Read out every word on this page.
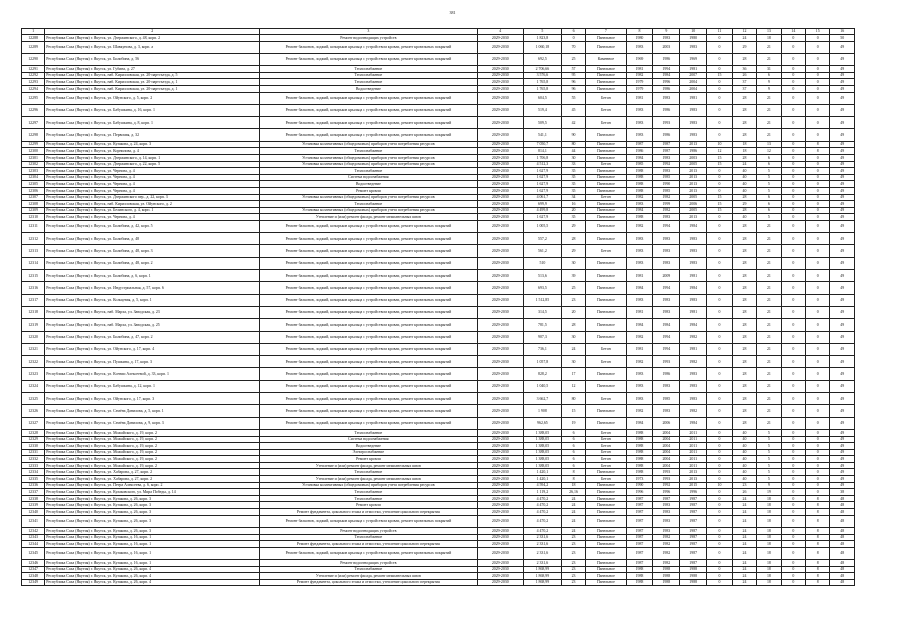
381
1	2	3	4	5	6	7	8	9	10	11	12	13	14	15	16
12288	Республика Саха (Якутия) г. Якутск, ул. Дзержинского, д. 48, корп. 2	Ремонт водоотводящих устройств	2029-2030	1 823,8	0	Панельное	1980	1983	1980	0	24	18	0	0	50
12289	Республика Саха (Якутия) г. Якутск, ул. Шавкунова, д. 3, корп. а	Ремонт балконов, лоджий, козырьков крыльца с устройством кровли, ремонт кровельных покрытий	2029-2030	1 060,18	70	Панельное	1983	2003	1983	0	29	21	0	0	49
12290	Республика Саха (Якутия) г. Якутск, ул. Билибина, д. 56	Ремонт балконов, лоджий, козырьков крыльца с устройством кровли, ремонт кровельных покрытий	2029-2030	692,5	25	Каменное	1969	1986	1969	0	28	21	0	0	49
12291	Республика Саха (Якутия) г. Якутск, ул. Губина, д. 27	Теплоснабжение	2029-2030	2 706,66	57	Панельное	1981	1994	1981	0	36	31	0	0	49
12292	Республика Саха (Якутия) г. Якутск, наб. Кирилловская, ул. 20-партсъезда, д. 5	Теплоснабжение	2029-2030	3 576,6	95	Панельное	1982	1984	2007	15	26	6	0	0	49
12293	Республика Саха (Якутия) г. Якутск, наб. Кирилловская, ул. 20-партсъезда, д. 1	Теплоснабжение	2029-2030	1 765,8	96	Панельное	1979	1996	2004	0	37	9	0	0	49
12294	Республика Саха (Якутия) г. Якутск, наб. Кирилловская, ул. 20-партсъезда, д. 1	Водоотведение	2029-2030	1 765,8	96	Панельное	1979	1986	2004	0	37	9	0	0	49
12295	Республика Саха (Якутия) г. Якутск, ул. Ойунского, д. 5, корп. 2	Ремонт балконов, лоджий, козырьков крыльца с устройством кровли, ремонт кровельных покрытий	2029-2030	604,5	55	Бетон	1981	1983	1981	0	28	21	0	0	49
12296	Республика Саха (Якутия) г. Якутск, ул. Бабушкина, д. 16, корп. 1	Ремонт балконов, лоджий, козырьков крыльца с устройством кровли, ремонт кровельных покрытий	2029-2030	519,4	45	Бетон	1983	1986	1983	0	28	21	0	0	49
12297	Республика Саха (Якутия) г. Якутск, ул. Бабушкина, д. 8, корп. 1	Ремонт балконов, лоджий, козырьков крыльца с устройством кровли, ремонт кровельных покрытий	2029-2030	509,5	42	Бетон	1983	1993	1983	0	28	21	0	0	49
12298	Республика Саха (Якутия) г. Якутск, ул. Первомая, д. 32	Ремонт балконов, лоджий, козырьков крыльца с устройством кровли, ремонт кровельных покрытий	2029-2030	541,1	90	Панельное	1983	1986	1983	0	28	21	0	0	49
12299	Республика Саха (Якутия) г. Якутск, ул. Кузакова, д. 24, корп. 3	Установка коллективных (общедомовых) приборов учета потребления ресурсов	2029-2030	7 050,7	80	Панельное	1987	1987	2013	10	18	13	0	8	49
12300	Республика Саха (Якутия) г. Якутск, ул. Корнилова, д. 4	Теплоснабжение	2029-2030	814,1	44	Панельное	1986	1987	1986	12	18	12	0	8	49
12301	Республика Саха (Якутия) г. Якутск, ул. Дзержинского, д. 14, корп. 1	Установка коллективных (общедомовых) приборов учета потребления ресурсов	2029-2030	1 706,8	30	Панельное	1984	1983	2003	15	28	6	0	0	49
12302	Республика Саха (Якутия) г. Якутск, ул. Дзержинского, д. 22, корп. 5	Установка коллективных (общедомовых) приборов учета потребления ресурсов	2029-2030	4 512,3	33	Бетон	1985	1992	2005	15	24	6	0	0	49
12303	Республика Саха (Якутия) г. Якутск, ул. Чернова, д. 4	Теплоснабжение	2029-2030	1 627,9	35	Панельное	1988	1983	2013	0	40	5	0	0	49
12304	Республика Саха (Якутия) г. Якутск, ул. Чернова, д. 4	Система водоснабжения	2029-2030	1 627,9	35	Панельное	1988	1985	2013	0	40	5	0	0	49
12305	Республика Саха (Якутия) г. Якутск, ул. Чернова, д. 4	Водоотведение	2029-2030	1 627,9	35	Панельное	1988	1990	2013	0	40	5	0	0	49
12306	Республика Саха (Якутия) г. Якутск, ул. Чернова, д. 4	Ремонт кровли	2029-2030	1 627,9	35	Панельное	1988	1985	2013	0	40	5	0	0	49
12307	Республика Саха (Якутия) г. Якутск, ул. Дзержинского пер., д. 22, корп. 3	Установка коллективных (общедомовых) приборов учета потребления ресурсов	2029-2030	4 061,7	34	Бетон	1982	1982	2005	15	28	6	0	0	49
12308	Республика Саха (Якутия) г. Якутск, наб. Кирилловская, ул. Ойунского, д. 2	Теплоснабжение	2029-2030	699,9	16	Панельное	1983	1999	2006	15	29	6	0	0	49
12309	Республика Саха (Якутия) г. Якутск, ул. Белинского, д. 4, корп. 1	Установка коллективных (общедомовых) приборов учета потребления ресурсов	2029-2030	4 499,8	20	Панельное	1984	1982	2005	15	28	6	0	0	49
12310	Республика Саха (Якутия) г. Якутск, ул. Чернова, д. 4	Утепление и (или) ремонт фасада, ремонт межпанельных швов	2029-2030	1 627,9	35	Панельное	1988	1983	2013	0	40	5	0	0	49
12311	Республика Саха (Якутия) г. Якутск, ул. Билибина, д. 42, корп. 5	Ремонт балконов, лоджий, козырьков крыльца с устройством кровли, ремонт кровельных покрытий	2029-2030	1 005,5	29	Панельное	1982	1994	1984	0	28	21	0	0	49
12312	Республика Саха (Якутия) г. Якутск, ул. Билибина, д. 48	Ремонт балконов, лоджий, козырьков крыльца с устройством кровли, ремонт кровельных покрытий	2029-2030	557,2	28	Панельное	1983	1983	1983	0	28	21	0	0	49
12313	Республика Саха (Якутия) г. Якутск, ул. Билибина, д. 48, корп. 3	Ремонт балконов, лоджий, козырьков крыльца с устройством кровли, ремонт кровельных покрытий	2029-2030	561,2	29	Бетон	1983	1983	1983	0	28	21	0	0	49
12314	Республика Саха (Якутия) г. Якутск, ул. Билибина, д. 48, корп. 2	Ремонт балконов, лоджий, козырьков крыльца с устройством кровли, ремонт кровельных покрытий	2029-2030	510	30	Панельное	1983	1983	1983	0	28	21	0	0	49
12315	Республика Саха (Якутия) г. Якутск, ул. Билибина, д. 6, корп. 1	Ремонт балконов, лоджий, козырьков крыльца с устройством кровли, ремонт кровельных покрытий	2029-2030	513,6	39	Панельное	1981	2009	1981	0	28	21	0	0	49
12316	Республика Саха (Якутия) г. Якутск, ул. Индустриальная, д. 57, корп. 6	Ремонт балконов, лоджий, козырьков крыльца с устройством кровли, ремонт кровельных покрытий	2029-2030	693,5	25	Панельное	1984	1994	1984	0	28	21	0	0	49
12317	Республика Саха (Якутия) г. Якутск, ул. Кольцевая, д. 5, корп. 1	Ремонт балконов, лоджий, козырьков крыльца с устройством кровли, ремонт кровельных покрытий	2029-2030	1 512,85	23	Панельное	1983	1983	1983	0	28	21	0	0	49
12318	Республика Саха (Якутия) г. Якутск, наб. Марха, ул. Заводская, д. 23	Ремонт балконов, лоджий, козырьков крыльца с устройством кровли, ремонт кровельных покрытий	2029-2030	314,5	20	Панельное	1981	1983	1981	0	28	21	0	0	49
12319	Республика Саха (Якутия) г. Якутск, наб. Марха, ул. Заводская, д. 25	Ремонт балконов, лоджий, козырьков крыльца с устройством кровли, ремонт кровельных покрытий	2029-2030	781,5	28	Панельное	1984	1984	1984	0	28	21	0	0	49
12320	Республика Саха (Якутия) г. Якутск, ул. Билибина, д. 47, корп. 2	Ремонт балконов, лоджий, козырьков крыльца с устройством кровли, ремонт кровельных покрытий	2029-2030	907,3	30	Панельное	1982	1994	1982	0	28	21	0	0	49
12321	Республика Саха (Якутия) г. Якутск, ул. Ойунского, д. 17, корп. 4	Ремонт балконов, лоджий, козырьков крыльца с устройством кровли, ремонт кровельных покрытий	2029-2030	736,1	24	Бетон	1981	1994	1981	0	28	21	0	0	49
12322	Республика Саха (Якутия) г. Якутск, ул. Пушкина, д. 17, корп. 3	Ремонт балконов, лоджий, козырьков крыльца с устройством кровли, ремонт кровельных покрытий	2029-2030	1 057,8	30	Бетон	1982	1993	1982	0	28	21	0	0	49
12323	Республика Саха (Якутия) г. Якутск, ул. Ксении Алексеевой, д. 33, корп. 1	Ремонт балконов, лоджий, козырьков крыльца с устройством кровли, ремонт кровельных покрытий	2029-2030	828,2	17	Панельное	1983	1986	1983	0	28	21	0	0	49
12324	Республика Саха (Якутия) г. Якутск, ул. Бабушкина, д. 12, корп. 1	Ремонт балконов, лоджий, козырьков крыльца с устройством кровли, ремонт кровельных покрытий	2029-2030	1 040,5	12	Панельное	1983	1983	1983	0	28	21	0	0	49
12325	Республика Саха (Якутия) г. Якутск, ул. Ойунского, д. 17, корп. 3	Ремонт балконов, лоджий, козырьков крыльца с устройством кровли, ремонт кровельных покрытий	2029-2030	3 662,7	80	Бетон	1983	1985	1983	0	28	21	0	0	49
12326	Республика Саха (Якутия) г. Якутск, ул. Семёна Данилова, д. 5, корп. 1	Ремонт балконов, лоджий, козырьков крыльца с устройством кровли, ремонт кровельных покрытий	2029-2030	1 908	15	Панельное	1982	1983	1982	0	28	21	0	0	49
12327	Республика Саха (Якутия) г. Якутск, ул. Семёна Данилова, д. 9, корп. 3	Ремонт балконов, лоджий, козырьков крыльца с устройством кровли, ремонт кровельных покрытий	2029-2030	962,65	19	Панельное	1984	2006	1984	0	28	21	0	0	49
12328	Республика Саха (Якутия) г. Якутск, ул. Можайского, д. 19, корп. 2	Теплоснабжение	2029-2030	1 388,05	6	Бетон	1988	2004	2011	0	40	5	0	0	49
12329	Республика Саха (Якутия) г. Якутск, ул. Можайского, д. 19, корп. 2	Система водоснабжения	2029-2030	1 388,05	6	Бетон	1988	2004	2011	0	40	5	0	0	49
12330	Республика Саха (Якутия) г. Якутск, ул. Можайского, д. 19, корп. 2	Водоотведение	2029-2030	1 388,05	6	Бетон	1988	2004	2011	0	40	5	0	0	49
12331	Республика Саха (Якутия) г. Якутск, ул. Можайского, д. 19, корп. 2	Электроснабжение	2029-2030	1 388,05	6	Бетон	1988	2004	2011	0	40	5	0	0	49
12332	Республика Саха (Якутия) г. Якутск, ул. Можайского, д. 19, корп. 2	Ремонт кровли	2029-2030	1 388,05	6	Бетон	1988	2004	2011	0	40	5	0	0	49
12333	Республика Саха (Якутия) г. Якутск, ул. Можайского, д. 19, корп. 2	Утепление и (или) ремонт фасада, ремонт межпанельных швов	2029-2030	1 388,05	6	Бетон	1988	2004	2011	0	40	5	0	0	49
12334	Республика Саха (Якутия) г. Якутск, ул. Хабарова, д. 27, корп. 2	Теплоснабжение	2029-2030	1 420,1	8	Панельное	1988	1993	2013	0	40	5	0	0	49
12335	Республика Саха (Якутия) г. Якутск, ул. Хабарова, д. 27, корп. 2	Утепление и (или) ремонт фасада, ремонт межпанельных швов	2029-2030	1 420,1	8	Бетон	1973	1993	2013	0	40	5	0	0	49
12336	Республика Саха (Якутия) г. Якутск, ул. Петра Алексеева, д. 6, корп. 2	Установка коллективных (общедомовых) приборов учета потребления ресурсов	2029-2030	4 594,2	18	Панельное	1990	1992	2015	10	23	9	0	0	49
12337	Республика Саха (Якутия) г. Якутск, ул. Кулаковского, ул. Мира Победы, д. 14	Теплоснабжение	2029-2030	1 119,2	26,16	Панельное	1996	1996	1996	0	26	19	0	0	38
12338	Республика Саха (Якутия) г. Якутск, ул. Кузакова, д. 26, корп. 3	Теплоснабжение	2029-2030	4 470,2	24	Панельное	1987	1987	1987	0	24	18	0	8	48
12339	Республика Саха (Якутия) г. Якутск, ул. Кузакова, д. 26, корп. 3	Ремонт кровли	2029-2030	4 470,2	24	Панельное	1987	1983	1987	0	24	18	0	8	48
12340	Республика Саха (Якутия) г. Якутск, ул. Кузакова, д. 26, корп. 3	Ремонт фундамента, цокольного этажа и отмостки, утепление цокольного перекрытия	2029-2030	4 470,2	24	Панельное	1987	1983	1987	0	24	18	0	8	48
12341	Республика Саха (Якутия) г. Якутск, ул. Кузакова, д. 26, корп. 3	Ремонт балконов, лоджий, козырьков крыльца с устройством кровли, ремонт кровельных покрытий	2029-2030	4 470,2	24	Панельное	1987	1983	1987	0	24	18	0	8	48
12342	Республика Саха (Якутия) г. Якутск, ул. Кузакова, д. 26, корп. 3	Ремонт водоотводящих устройств	2029-2030	4 470,2	24	Панельное	1987	1983	1987	0	24	18	0	8	48
12343	Республика Саха (Якутия) г. Якутск, ул. Кузакова, д. 16, корп. 1	Теплоснабжение	2029-2030	2 331,6	23	Панельное	1987	1982	1987	0	24	18	0	8	48
12344	Республика Саха (Якутия) г. Якутск, ул. Кузакова, д. 16, корп. 1	Ремонт фундамента, цокольного этажа и отмостки, утепление цокольного перекрытия	2029-2030	2 331,6	23	Панельное	1987	1982	1987	0	24	18	0	8	48
12345	Республика Саха (Якутия) г. Якутск, ул. Кузакова, д. 16, корп. 1	Ремонт балконов, лоджий, козырьков крыльца с устройством кровли, ремонт кровельных покрытий	2029-2030	2 331,6	23	Панельное	1987	1982	1987	0	24	18	0	8	48
12346	Республика Саха (Якутия) г. Якутск, ул. Кузакова, д. 16, корп. 1	Ремонт водоотводящих устройств	2029-2030	2 331,6	23	Панельное	1987	1982	1987	0	24	18	0	8	48
12347	Республика Саха (Якутия) г. Якутск, ул. Кузакова, д. 26, корп. 4	Теплоснабжение	2029-2030	1 868,99	23	Панельное	1988	1988	1988	0	24	18	0	8	48
12348	Республика Саха (Якутия) г. Якутск, ул. Кузакова, д. 26, корп. 4	Утепление и (или) ремонт фасада, ремонт межпанельных швов	2029-2030	1 868,99	23	Панельное	1988	1988	1988	0	24	18	0	8	48
12349	Республика Саха (Якутия) г. Якутск, ул. Кузакова, д. 26, корп. 4	Ремонт фундамента, цокольного этажа и отмостки, утепление цокольного перекрытия	2029-2030	1 868,99	23	Панельное	1988	1988	1988	0	24	18	0	8	48
